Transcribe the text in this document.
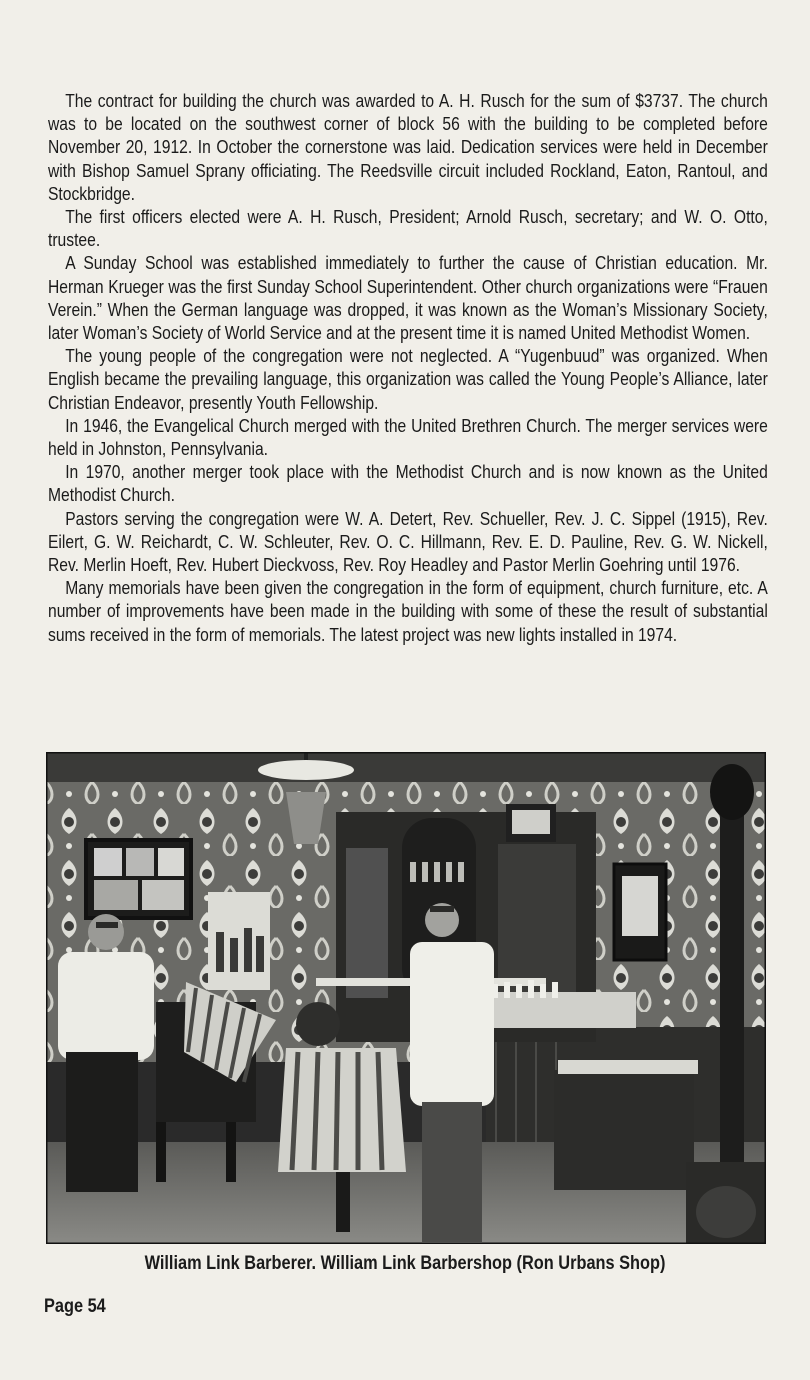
The contract for building the church was awarded to A. H. Rusch for the sum of $3737. The church was to be located on the southwest corner of block 56 with the building to be completed before November 20, 1912. In October the cornerstone was laid. Dedication services were held in December with Bishop Samuel Sprany officiating. The Reedsville circuit included Rockland, Eaton, Rantoul, and Stockbridge.

The first officers elected were A. H. Rusch, President; Arnold Rusch, secretary; and W. O. Otto, trustee.

A Sunday School was established immediately to further the cause of Christian education. Mr. Herman Krueger was the first Sunday School Superintendent. Other church organizations were “Frauen Verein.” When the German language was dropped, it was known as the Woman’s Missionary Society, later Woman’s Society of World Service and at the present time it is named United Methodist Women.

The young people of the congregation were not neglected. A “Yugenbuud” was organized. When English became the prevailing language, this organization was called the Young People’s Alliance, later Christian Endeavor, presently Youth Fellowship.

In 1946, the Evangelical Church merged with the United Brethren Church. The merger services were held in Johnston, Pennsylvania.

In 1970, another merger took place with the Methodist Church and is now known as the United Methodist Church.

Pastors serving the congregation were W. A. Detert, Rev. Schueller, Rev. J. C. Sippel (1915), Rev. Eilert, G. W. Reichardt, C. W. Schleuter, Rev. O. C. Hillmann, Rev. E. D. Pauline, Rev. G. W. Nickell, Rev. Merlin Hoeft, Rev. Hubert Dieckvoss, Rev. Roy Headley and Pastor Merlin Goehring until 1976.

Many memorials have been given the congregation in the form of equipment, church furniture, etc. A number of improvements have been made in the building with some of these the result of substantial sums received in the form of memorials. The latest project was new lights installed in 1974.

William Link Barberer. William Link Barbershop (Ron Urbans Shop)
Page 54
